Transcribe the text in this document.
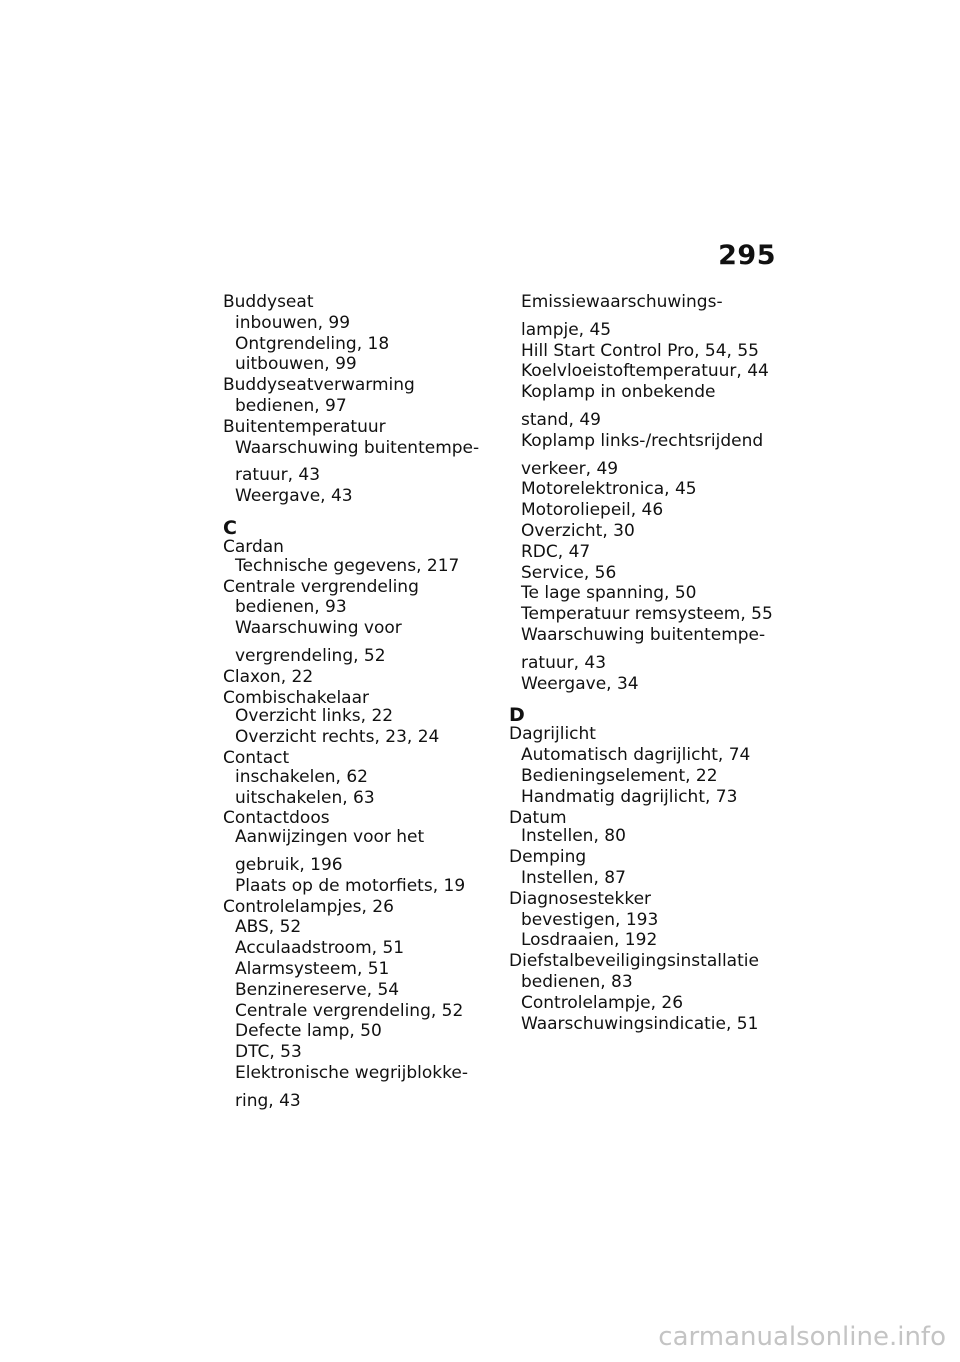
295
Buddyseat
inbouwen, 99
Ontgrendeling, 18
uitbouwen, 99
Buddyseatverwarming
bedienen, 97
Buitentemperatuur
Waarschuwing buitentempe-
ratuur, 43
Weergave, 43
C
Cardan
Technische gegevens, 217
Centrale vergrendeling
bedienen, 93
Waarschuwing voor
vergrendeling, 52
Claxon, 22
Combischakelaar
Overzicht links, 22
Overzicht rechts, 23, 24
Contact
inschakelen, 62
uitschakelen, 63
Contactdoos
Aanwijzingen voor het
gebruik, 196
Plaats op de motorfiets, 19
Controlelampjes, 26
ABS, 52
Acculaadstroom, 51
Alarmsysteem, 51
Benzinereserve, 54
Centrale vergrendeling, 52
Defecte lamp, 50
DTC, 53
Elektronische wegrijblokke-
ring, 43
Emissiewaarschuwings-
lampje, 45
Hill Start Control Pro, 54, 55
Koelvloeistoftemperatuur, 44
Koplamp in onbekende
stand, 49
Koplamp links-/rechtsrijdend
verkeer, 49
Motorelektronica, 45
Motoroliepeil, 46
Overzicht, 30
RDC, 47
Service, 56
Te lage spanning, 50
Temperatuur remsysteem, 55
Waarschuwing buitentempe-
ratuur, 43
Weergave, 34
D
Dagrijlicht
Automatisch dagrijlicht, 74
Bedieningselement, 22
Handmatig dagrijlicht, 73
Datum
Instellen, 80
Demping
Instellen, 87
Diagnosestekker
bevestigen, 193
Losdraaien, 192
Diefstalbeveiligingsinstallatie
bedienen, 83
Controlelampje, 26
Waarschuwingsindicatie, 51
carmanualsonline.info
